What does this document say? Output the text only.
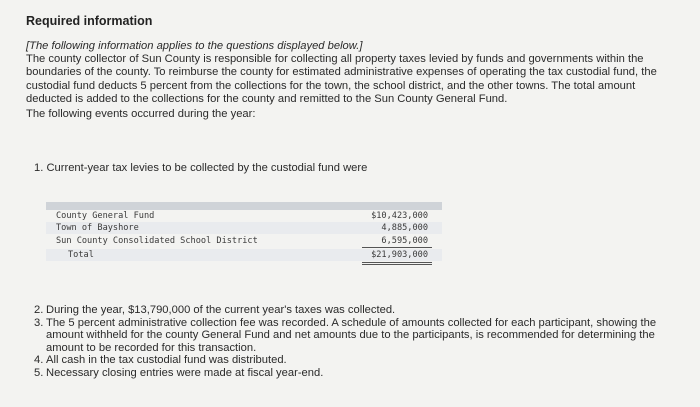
Required information
[The following information applies to the questions displayed below.]
The county collector of Sun County is responsible for collecting all property taxes levied by funds and governments within the boundaries of the county. To reimburse the county for estimated administrative expenses of operating the tax custodial fund, the custodial fund deducts 5 percent from the collections for the town, the school district, and the other towns. The total amount deducted is added to the collections for the county and remitted to the Sun County General Fund.
The following events occurred during the year:
1. Current-year tax levies to be collected by the custodial fund were
County General Fund	$10,423,000
Town of Bayshore	4,885,000
Sun County Consolidated School District	6,595,000
Total	$21,903,000
2. During the year, $13,790,000 of the current year's taxes was collected.
3. The 5 percent administrative collection fee was recorded. A schedule of amounts collected for each participant, showing the amount withheld for the county General Fund and net amounts due to the participants, is recommended for determining the amount to be recorded for this transaction.
4. All cash in the tax custodial fund was distributed.
5. Necessary closing entries were made at fiscal year-end.
